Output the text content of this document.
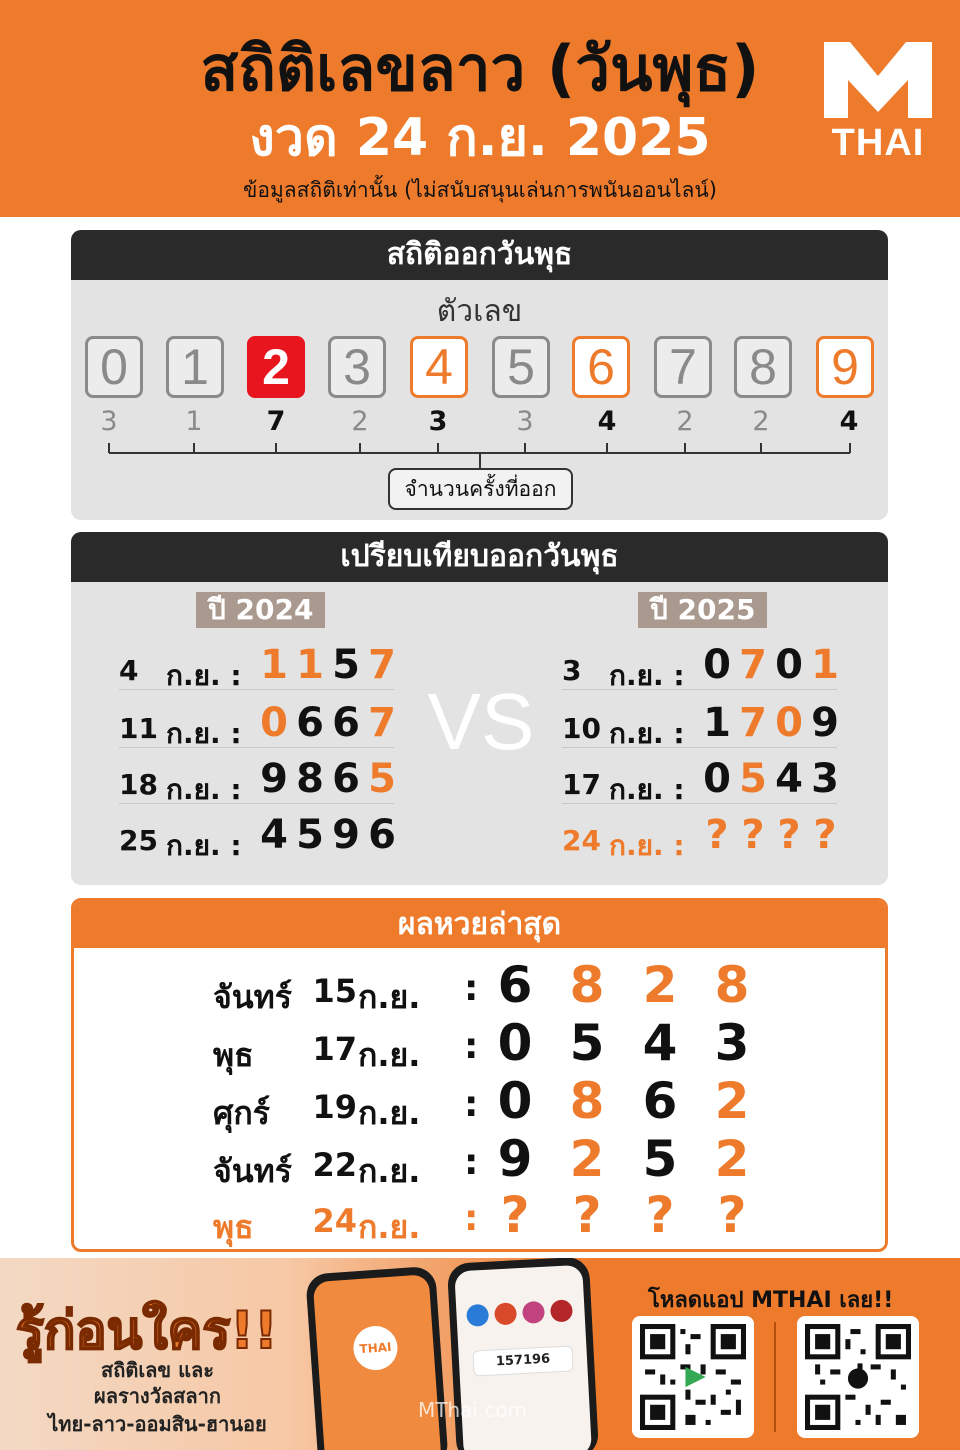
สถิติเลขลาว (วันพุธ)
งวด 24 ก.ย. 2025
ข้อมูลสถิติเท่านั้น (ไม่สนับสนุนเล่นการพนันออนไลน์)
THAI
สถิติออกวันพุธ
ตัวเลข
0	1	2	3	4	5	6	7	8	9
3	1	7	2	3	3	4	2	2	4
จำนวนครั้งที่ออก
เปรียบเทียบออกวันพุธ
ปี 2024	ปี 2025
VS
4 ก.ย. : 1 1 5 7
11 ก.ย. : 0 6 6 7
18 ก.ย. : 9 8 6 5
25 ก.ย. : 4 5 9 6
3 ก.ย. : 0 7 0 1
10 ก.ย. : 1 7 0 9
17 ก.ย. : 0 5 4 3
24 ก.ย. : ? ? ? ?
ผลหวยล่าสุด
จันทร์ 15 ก.ย. : 6 8 2 8
พุธ 17 ก.ย. : 0 5 4 3
ศุกร์ 19 ก.ย. : 0 8 6 2
จันทร์ 22 ก.ย. : 9 2 5 2
พุธ 24 ก.ย. : ? ? ? ?
รู้ก่อนใคร!!
สถิติเลข และ
ผลรางวัลสลาก
ไทย-ลาว-ออมสิน-ฮานอย
THAI
157196
MThai.com
โหลดแอป MTHAI เลย!!
